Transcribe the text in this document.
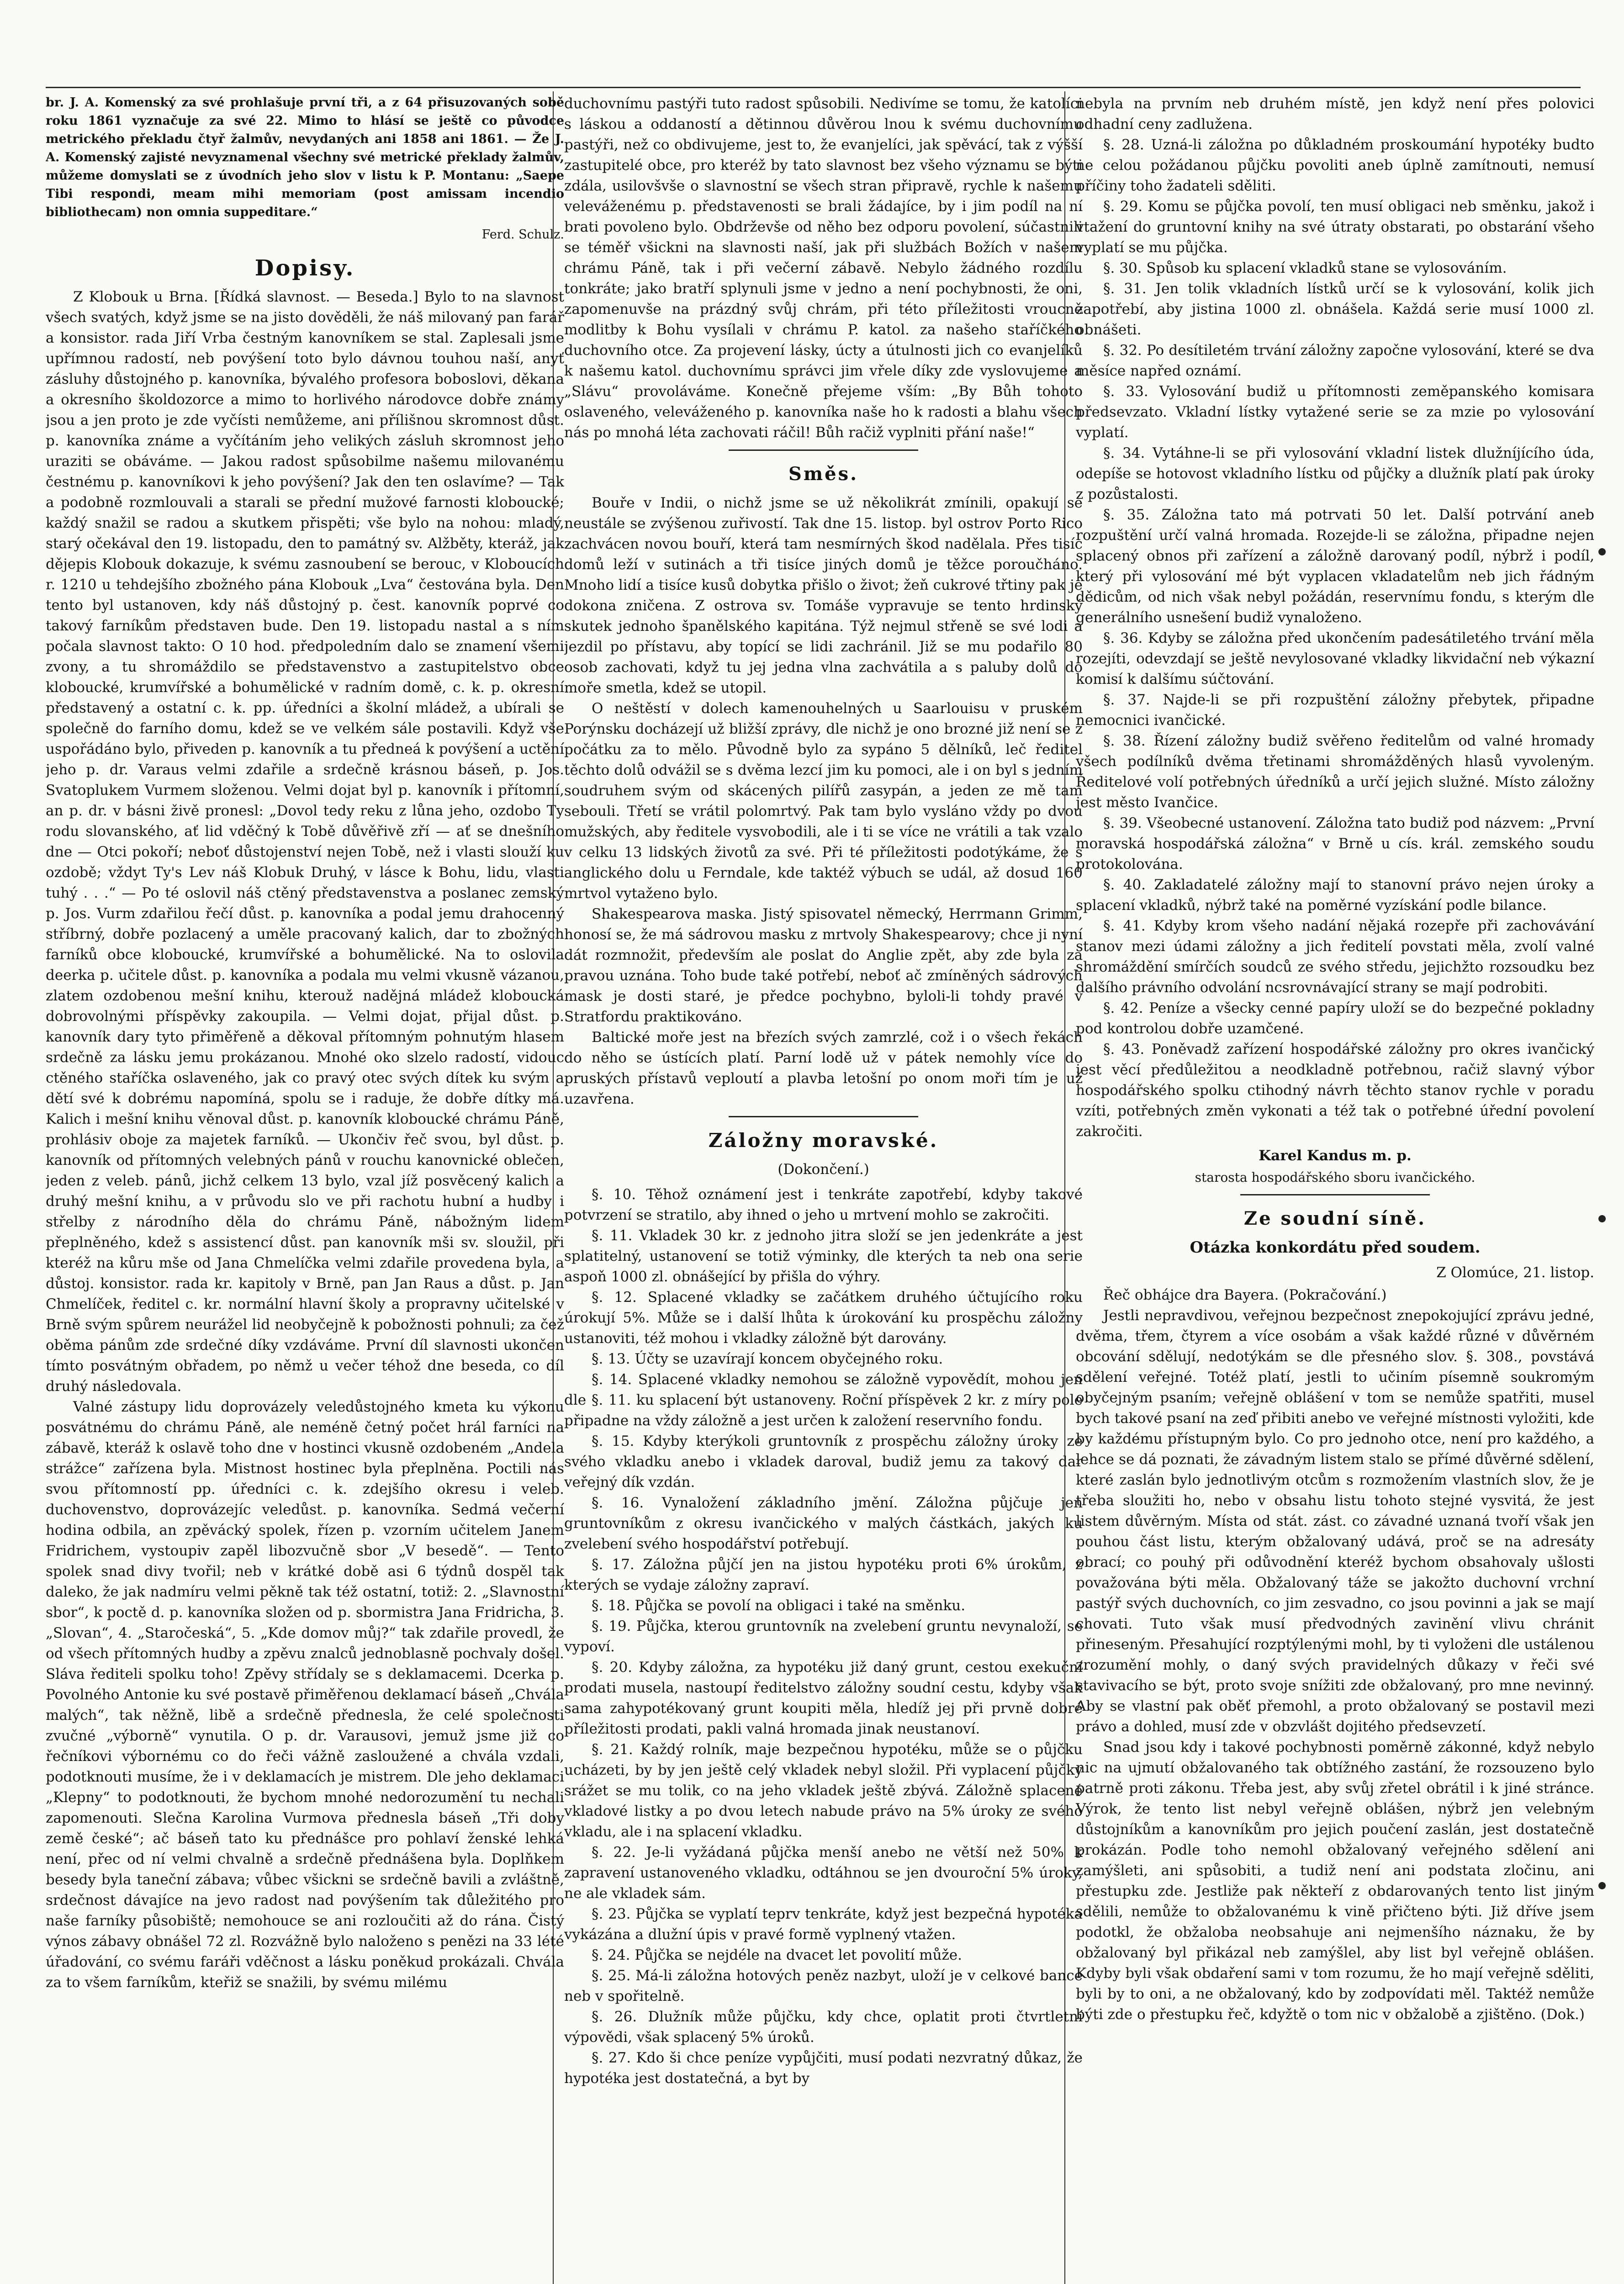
br. J. A. Komenský za své prohlašuje první tři, a z 64 přisuzovaných sobě roku 1861 vyznačuje za své 22. Mimo to hlásí se ještě co původce metrického překladu čtyř žalmův, nevydaných ani 1858 ani 1861. — Že J. A. Komenský zajisté nevyznamenal všechny své metrické překlady žalmův, můžeme domyslati se z úvodních jeho slov v listu k P. Montanu: „Saepe Tibi respondi, meam mihi memoriam (post amissam incendio bibliothecam) non omnia suppeditare.“

Ferd. Schulz.
Dopisy.

Z Klobouk u Brna. [Řídká slavnost. — Beseda.] Bylo to na slavnost všech svatých, když jsme se na jisto dověděli, že náš milovaný pan farář a konsistor. rada Jiří Vrba čestným kanovníkem se stal. Zaplesali jsme upřímnou radostí, neb povýšení toto bylo dávnou touhou naší, anyť zásluhy důstojného p. kanovníka, bývalého profesora boboslovi, děkana a okresního školdozorce a mimo to horlivého národovce dobře známy jsou a jen proto je zde vyčísti nemůžeme, ani přílišnou skromnost důst. p. kanovníka známe a vyčítáním jeho velikých zásluh skromnost jeho uraziti se obáváme. — Jakou radost spůsobilme našemu milovanému čestnému p. kanovníkovi k jeho povýšení? Jak den ten oslavíme? — Tak a podobně rozmlouvali a starali se přední mužové farnosti kloboucké; každý snažil se radou a skutkem přispěti; vše bylo na nohou: mladý, starý očekával den 19. listopadu, den to památný sv. Alžběty, kteráž, jak dějepis Klobouk dokazuje, k svému zasnoubení se berouc, v Kloboucích r. 1210 u tehdejšího zbožného pána Klobouk „Lva“ čestována byla. Den tento byl ustanoven, kdy náš důstojný p. čest. kanovník poprvé co takový farníkům představen bude. Den 19. listopadu nastal a s ním počala slavnost takto: O 10 hod. předpoledním dalo se znamení všemi zvony, a tu shromáždilo se představenstvo a zastupitelstvo obce kloboucké, krumvířské a bohumělické v radním domě, c. k. p. okresní představený a ostatní c. k. pp. úředníci a školní mládež, a ubírali se společně do farního domu, kdež se ve velkém sále postavili. Když vše uspořádáno bylo, přiveden p. kanovník a tu předneá k povýšení a uctění jeho p. dr. Varaus velmi zdařile a srdečně krásnou báseň, p. Jos. Svatoplukem Vurmem složenou. Velmi dojat byl p. kanovník i přítomní, an p. dr. v básni živě pronesl: „Dovol tedy reku z lůna jeho, ozdobo Ty rodu slovanského, ať lid vděčný k Tobě důvěřivě zří — ať se dnešního dne — Otci pokoří; neboť důstojenství nejen Tobě, než i vlasti slouží ku ozdobě; vždyt Ty's Lev náš Klobuk Druhý, v lásce k Bohu, lidu, vlasti tuhý . . .“ — Po té oslovil náš ctěný představenstva a poslanec zemský p. Jos. Vurm zdařilou řečí důst. p. kanovníka a podal jemu drahocenný stříbrný, dobře pozlacený a uměle pracovaný kalich, dar to zbožných farníků obce kloboucké, krumvířské a bohumělické. Na to oslovila deerka p. učitele důst. p. kanovníka a podala mu velmi vkusně vázanou, zlatem ozdobenou mešní knihu, kterouž nadějná mládež kloboucká dobrovolnými příspěvky zakoupila. — Velmi dojat, přijal důst. p. kanovník dary tyto přiměřeně a děkoval přítomným pohnutým hlasem srdečně za lásku jemu prokázanou. Mnohé oko slzelo radostí, vidouc ctěného staříčka oslaveného, jak co pravý otec svých dítek ku svým a dětí své k dobrému napomíná, spolu se i raduje, že dobře dítky má. Kalich i mešní knihu věnoval důst. p. kanovník kloboucké chrámu Páně, prohlásiv oboje za majetek farníků. — Ukončiv řeč svou, byl důst. p. kanovník od přítomných velebných pánů v rouchu kanovnické oblečen, jeden z veleb. pánů, jichž celkem 13 bylo, vzal jíž posvěcený kalich a druhý mešní knihu, a v průvodu slo ve při rachotu hubní a hudby i střelby z národního děla do chrámu Páně, nábožným lidem přeplněného, kdež s assistencí důst. pan kanovník mši sv. sloužil, při kteréž na kůru mše od Jana Chmelíčka velmi zdařile provedena byla, a důstoj. konsistor. rada kr. kapitoly v Brně, pan Jan Raus a důst. p. Jan Chmelíček, ředitel c. kr. normální hlavní školy a propravny učitelské v Brně svým spůrem neurážel lid neobyčejně k pobožnosti pohnuli; za čež oběma pánům zde srdečné díky vzdáváme. První díl slavnosti ukončen tímto posvátným obřadem, po němž u večer téhož dne beseda, co díl druhý následovala.

Valné zástupy lidu doprovázely veledůstojného kmeta ku výkonu posvátnému do chrámu Páně, ale neméně četný počet hrál farníci na zábavě, kteráž k oslavě toho dne v hostinci vkusně ozdobeném „Andela strážce“ zařízena byla. Mistnost hostinec byla přeplněna. Poctili nás svou přítomností pp. úředníci c. k. zdejšího okresu i veleb. duchovenstvo, doprovázejíc veledůst. p. kanovníka. Sedmá večerní hodina odbila, an zpěvácký spolek, řízen p. vzorním učitelem Janem Fridrichem, vystoupiv zapěl libozvučně sbor „V besedě“. — Tento spolek snad divy tvořil; neb v krátké době asi 6 týdnů dospěl tak daleko, že jak nadmíru velmi pěkně tak též ostatní, totiž: 2. „Slavnostní sbor“, k poctě d. p. kanovníka složen od p. sbormistra Jana Fridricha, 3. „Slovan“, 4. „Staročeská“, 5. „Kde domov můj?“ tak zdařile provedl, že od všech přítomných hudby a zpěvu znalců jednoblasně pochvaly došel. Sláva řediteli spolku toho! Zpěvy střídaly se s deklamacemi. Dcerka p. Povolného Antonie ku své postavě přiměřenou deklamací báseň „Chvála malých“, tak něžně, libě a srdečně přednesla, že celé společnosti zvučné „výborně“ vynutila. O p. dr. Varausovi, jemuž jsme již co řečníkovi výbornému co do řeči vážně zasloužené a chvála vzdali, podotknouti musíme, že i v deklamacích je mistrem. Dle jeho deklamaci „Klepny“ to podotknouti, že bychom mnohé nedorozumění tu nechali zapomenouti. Slečna Karolina Vurmova přednesla báseň „Tři doby země české“; ač báseň tato ku přednášce pro pohlaví ženské lehká není, přec od ní velmi chvalně a srdečně přednášena byla. Doplňkem besedy byla taneční zábava; vůbec všickni se srdečně bavili a zvláštně, srdečnost dávajíce na jevo radost nad povýšením tak důležitého pro naše farníky působiště; nemohouce se ani rozloučiti až do rána. Čistý výnos zábavy obnášel 72 zl. Rozvážně bylo naloženo s penězi na 33 lété úřadování, co svému faráři vděčnost a lásku poněkud prokázali. Chvála za to všem farníkům, kteřiž se snažili, by svému milému

duchovnímu pastýři tuto radost spůsobili. Nedivíme se tomu, že katolíci s láskou a oddaností a dětinnou důvěrou lnou k svému duchovnímu pastýři, než co obdivujeme, jest to, že evanjelíci, jak spěvácí, tak z výšší zastupitelé obce, pro kteréž by tato slavnost bez všeho významu se býti zdála, usilovšvše o slavnostní se všech stran připravě, rychle k našemu veleváženému p. představenosti se brali žádajíce, by i jim podíl na ní brati povoleno bylo. Obdrževše od něho bez odporu povolení, súčastnili se téměř všickni na slavnosti naší, jak při službách Božích v našem chrámu Páně, tak i při večerní zábavě. Nebylo žádného rozdílu tonkráte; jako bratří splynuli jsme v jedno a není pochybnosti, že oni, zapomenuvše na prázdný svůj chrám, při této příležitosti vroucně modlitby k Bohu vysílali v chrámu P. katol. za našeho staříčkého duchovního otce. Za projevení lásky, úcty a útulnosti jich co evanjelíků k našemu katol. duchovnímu správci jim vřele díky zde vyslovujeme a „Slávu“ provoláváme. Konečně přejeme vším: „By Bůh tohoto oslaveného, veleváženého p. kanovníka naše ho k radosti a blahu všech nás po mnohá léta zachovati ráčil! Bůh račiž vyplniti přání naše!“

Směs.

Bouře v Indii, o nichž jsme se už několikrát zmínili, opakují se neustále se zvýšenou zuřivostí. Tak dne 15. listop. byl ostrov Porto Rico zachvácen novou bouří, která tam nesmírných škod nadělala. Přes tisíc domů leží v sutinách a tři tisíce jiných domů je těžce poroučháno. Mnoho lidí a tisíce kusů dobytka přišlo o život; žeň cukrové třtiny pak je dokona zničena. Z ostrova sv. Tomáše vypravuje se tento hrdinský skutek jednoho španělského kapitána. Týž nejmul střeně se své lodi a jezdil po přístavu, aby topící se lidi zachránil. Již se mu podařilo 80 osob zachovati, když tu jej jedna vlna zachvátila a s paluby dolů do moře smetla, kdež se utopil.

O neštěstí v dolech kamenouhelných u Saarlouisu v pruském Porýnsku docházejí už bližší zprávy, dle nichž je ono brozné již není se z počátku za to mělo. Původně bylo za sypáno 5 dělníků, leč ředitel těchto dolů odvážil se s dvěma lezcí jim ku pomoci, ale i on byl s jedním soudruhem svým od skácených pilířů zasypán, a jeden ze mě tam sebouli. Třetí se vrátil polomrtvý. Pak tam bylo vysláno vždy po dvou mužských, aby ředitele vysvobodili, ale i ti se více ne vrátili a tak vzalo v celku 13 lidských životů za své. Při té příležitosti podotýkáme, že s anglického dolu u Ferndale, kde taktéž výbuch se udál, až dosud 160 mrtvol vytaženo bylo.

Shakespearova maska. Jistý spisovatel německý, Herrmann Grimm, honosí se, že má sádrovou masku z mrtvoly Shakespearovy; chce ji nyní dát rozmnožit, především ale poslat do Anglie zpět, aby zde byla za pravou uznána. Toho bude také potřebí, neboť ač zmíněných sádrových mask je dosti staré, je předce pochybno, byloli-li tohdy pravé v Stratfordu praktikováno.

Baltické moře jest na březích svých zamrzlé, což i o všech řekách do něho se ústících platí. Parní lodě už v pátek nemohly více do pruských přístavů veploutí a plavba letošní po onom moři tím je už uzavřena.

Záložny moravské.
(Dokončení.)

§. 10. Těhož oznámení jest i tenkráte zapotřebí, kdyby takové potvrzení se stratilo, aby ihned o jeho u mrtvení mohlo se zakročiti.

§. 11. Vkladek 30 kr. z jednoho jitra složí se jen jedenkráte a jest splatitelný, ustanovení se totiž výminky, dle kterých ta neb ona serie aspoň 1000 zl. obnášející by přišla do výhry.

§. 12. Splacené vkladky se začátkem druhého účtujícího roku úrokují 5%. Může se i další lhůta k úrokování ku prospěchu záložny ustanoviti, též mohou i vkladky záložně být darovány.

§. 13. Účty se uzavírají koncem obyčejného roku.

§. 14. Splacené vkladky nemohou se záložně vypovědít, mohou jen dle §. 11. ku splacení být ustanoveny. Roční příspěvek 2 kr. z míry pole připadne na vždy záložně a jest určen k založení reservního fondu.

§. 15. Kdyby kterýkoli gruntovník z prospěchu záložny úroky ze svého vkladku anebo i vkladek daroval, budiž jemu za takový dar veřejný dík vzdán.

§. 16. Vynaložení základního jmění. Záložna půjčuje jen gruntovníkům z okresu ivančického v malých částkách, jakých ku zvelebení svého hospodářství potřebují.

§. 17. Záložna půjčí jen na jistou hypotéku proti 6% úrokům, z kterých se vydaje záložny zapraví.

§. 18. Půjčka se povolí na obligaci i také na směnku.

§. 19. Půjčka, kterou gruntovník na zvelebení gruntu nevynaloží, se vypoví.

§. 20. Kdyby záložna, za hypotéku již daný grunt, cestou exekuční prodati musela, nastoupí ředitelstvo záložny soudní cestu, kdyby však sama zahypotékovaný grunt koupiti měla, hledíž jej při prvně dobré příležitosti prodati, pakli valná hromada jinak neustanoví.

§. 21. Každý rolník, maje bezpečnou hypotéku, může se o půjčku ucházeti, by by jen ještě celý vkladek nebyl složil. Při vyplacení půjčky srážet se mu tolik, co na jeho vkladek ještě zbývá. Záložně splacené vkladové listky a po dvou letech nabude právo na 5% úroky ze svého vkladu, ale i na splacení vkladku.

§. 22. Je-li vyžádaná půjčka menší anebo ne větší než 50% k zapravení ustanoveného vkladku, odtáhnou se jen dvouroční 5% úroky, ne ale vkladek sám.

§. 23. Půjčka se vyplatí teprv tenkráte, když jest bezpečná hypotéka vykázána a dlužní úpis v pravé formě vyplnený vtažen.

§. 24. Půjčka se nejdéle na dvacet let povolití může.

§. 25. Má-li záložna hotových peněz nazbyt, uloží je v celkové bance neb v spořitelně.

§. 26. Dlužník může půjčku, kdy chce, oplatit proti čtvrtletní výpovědi, však splacený 5% úroků.

§. 27. Kdo ši chce peníze vypůjčiti, musí podati nezvratný důkaz, že hypotéka jest dostatečná, a byt by

nebyla na prvním neb druhém místě, jen když není přes polovici odhadní ceny zadlužena.

§. 28. Uzná-li záložna po důkladném proskoumání hypotéky budto ne celou požádanou půjčku povoliti aneb úplně zamítnouti, nemusí příčiny toho žadateli sděliti.

§. 29. Komu se půjčka povolí, ten musí obligaci neb směnku, jakož i vtažení do gruntovní knihy na své útraty obstarati, po obstarání všeho vyplatí se mu půjčka.

§. 30. Spůsob ku splacení vkladků stane se vylosováním.

§. 31. Jen tolik vkladních lístků určí se k vylosování, kolik jich zapotřebí, aby jistina 1000 zl. obnášela. Každá serie musí 1000 zl. obnášeti.

§. 32. Po desítiletém trvání záložny započne vylosování, které se dva měsíce napřed oznámí.

§. 33. Vylosování budiž u přítomnosti zeměpanského komisara předsevzato. Vkladní lístky vytažené serie se za mzie po vylosování vyplatí.

§. 34. Vytáhne-li se při vylosování vkladní listek dlužníjícího úda, odepíše se hotovost vkladního lístku od půjčky a dlužník platí pak úroky z pozůstalosti.

§. 35. Záložna tato má potrvati 50 let. Další potrvání aneb rozpuštění určí valná hromada. Rozejde-li se záložna, připadne nejen splacený obnos při zařízení a záložně darovaný podíl, nýbrž i podíl, který při vylosování mé být vyplacen vkladatelům neb jich řádným dědicům, od nich však nebyl požádán, reservnímu fondu, s kterým dle generálního usnešení budiž vynaloženo.

§. 36. Kdyby se záložna před ukončením padesátiletého trvání měla rozejíti, odevzdají se ještě nevylosované vkladky likvidační neb výkazní komisí k dalšímu súčtování.

§. 37. Najde-li se při rozpuštění záložny přebytek, připadne nemocnici ivančické.

§. 38. Řízení záložny budiž svěřeno ředitelům od valné hromady všech podílníků dvěma třetinami shromážděných hlasů vyvoleným. Ředitelové volí potřebných úředníků a určí jejich služné. Místo záložny jest město Ivančice.

§. 39. Všeobecné ustanovení. Záložna tato budiž pod názvem: „První moravská hospodářská záložna“ v Brně u cís. král. zemského soudu protokolována.

§. 40. Zakladatelé záložny mají to stanovní právo nejen úroky a splacení vkladků, nýbrž také na poměrné vyzískání podle bilance.

§. 41. Kdyby krom všeho nadání nějaká rozepře při zachovávání stanov mezi údami záložny a jich ředitelí povstati měla, zvolí valné shromáždění smírčích soudců ze svého středu, jejichžto rozsoudku bez dalšího právního odvolání ncsrovnávající strany se mají podrobiti.

§. 42. Peníze a všecky cenné papíry uloží se do bezpečné pokladny pod kontrolou dobře uzamčené.

§. 43. Poněvadž zařízení hospodářské záložny pro okres ivančický jest věcí předůležitou a neodkladně potřebnou, račiž slavný výbor hospodářského spolku ctihodný návrh těchto stanov rychle v poradu vzíti, potřebných změn vykonati a též tak o potřebné úřední povolení zakročiti.

Karel Kandus m. p.
starosta hospodářského sboru ivančického.
Ze soudní síně.
Otázka konkordátu před soudem.
Z Olomúce, 21. listop.

Řeč obhájce dra Bayera. (Pokračování.)

Jestli nepravdivou, veřejnou bezpečnost znepokojující zprávu jedné, dvěma, třem, čtyrem a více osobám a však každé různé v důvěrném obcování sdělují, nedotýkám se dle přesného slov. §. 308., povstává sdělení veřejné. Totéž platí, jestli to učiním písemně soukromým obyčejným psaním; veřejně oblášení v tom se nemůže spatřiti, musel bych takové psaní na zeď přibiti anebo ve veřejné místnosti vyložiti, kde by každému přístupným bylo. Co pro jednoho otce, není pro každého, a lehce se dá poznati, že závadným listem stalo se přímé důvěrné sdělení, které zaslán bylo jednotlivým otcům s rozmožením vlastních slov, že je třeba sloužiti ho, nebo v obsahu listu tohoto stejné vysvitá, že jest listem důvěrným. Místa od stát. zást. co závadné uznaná tvoří však jen pouhou část listu, kterým obžalovaný udává, proč se na adresáty obrací; co pouhý při odůvodnění kteréž bychom obsahovaly ušlosti považována býti měla. Obžalovaný táže se jakožto duchovní vrchní pastýř svých duchovních, co jim zesvadno, co jsou povinni a jak se mají chovati. Tuto však musí předvodných zavinění vlivu chránit přineseným. Přesahující rozptýlenými mohl, by ti vyloženi dle ustálenou zrozumění mohly, o daný svých pravidelných důkazy v řeči své stavivacího se být, proto svoje snížiti zde obžalovaný, pro mne nevinný. Aby se vlastní pak oběť přemohl, a proto obžalovaný se postavil mezi právo a dohled, musí zde v obzvlášt dojitého předsevzetí.

Snad jsou kdy i takové pochybnosti poměrně zákonné, když nebylo nic na ujmutí obžalovaného tak obtížného zastání, že rozsouzeno bylo patrně proti zákonu. Třeba jest, aby svůj zřetel obrátil i k jiné stránce. Výrok, že tento list nebyl veřejně oblášen, nýbrž jen velebným důstojníkům a kanovníkům pro jejich poučení zaslán, jest dostatečně prokázán. Podle toho nemohl obžalovaný veřejného sdělení ani zamýšleti, ani spůsobiti, a tudiž není ani podstata zločinu, ani přestupku zde. Jestliže pak někteří z obdarovaných tento list jiným sdělili, nemůže to obžalovanému k vině přičteno býti. Již dříve jsem podotkl, že obžaloba neobsahuje ani nejmenšího náznaku, že by obžalovaný byl přikázal neb zamýšlel, aby list byl veřejně oblášen. Kdyby byli však obdaření sami v tom rozumu, že ho mají veřejně sděliti, byli by to oni, a ne obžalovaný, kdo by zodpovídati měl. Taktéž nemůže býti zde o přestupku řeč, kdyžtě o tom nic v obžalobě a zjištěno. (Dok.)
